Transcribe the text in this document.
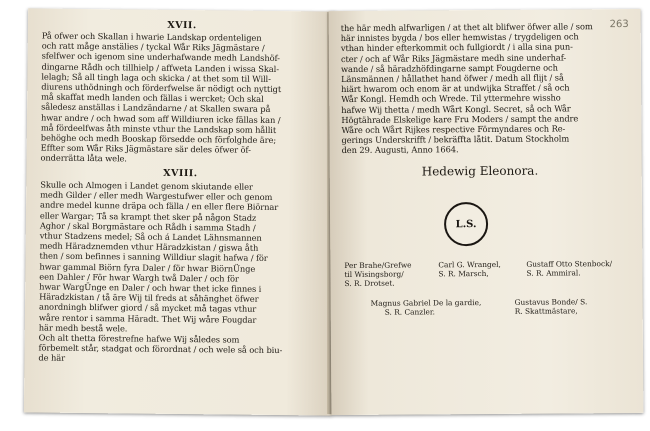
XVII.
På ofwer och Skallan i hwarie Landskap ordenteligen
och ratt måge anstälies / tyckal Wår Riks Jägmästare /
sfelfwer och igenom sine underhafwande medh Landshöf-
dingarne Rådh och tillhielp / affweta Landen i wissa Skal-
lelagh; Så all tingh laga och skicka / at thet som til Will-
diurens uthödningh och förderfwelse är nödigt och nyttigt
må skaffat medh landen och fällas i wercket; Och skal
såledesz anställas i Landzändarne / at Skallen swara på
hwar andre / och hwad som aff Willdiuren icke fällas kan /
må fördeelfwas åth minste vthur the Landskap som hållit
behöghe och medh Booskap försedde och förfolghde äre;
Effter som Wår Riks Jägmästare sär deles öfwer öf-
onderrätta låta wele.
XVIII.
Skulle och Almogen i Landet genom skiutande eller
medh Gilder / eller medh Wargestufwer eller och genom
andre medel kunne dräpa och fälla / en eller flere Biörnar
eller Wargar; Tå sa krampt thet sker på någon Stadz
Aghor / skal Borgmästare och Rådh i samma Stadh /
vthur Stadzens medel; Så och á Landet Lähnsmannen
medh Häradznemden vthur Häradzkistan / giswa åth
then / som befinnes i sanning Willdiur slagit hafwa / för
hwar gammal Biörn fyra Daler / för hwar BiörnÜnge
een Dahler / För hwar Wargh twå Daler / och för
hwar WargÜnge en Daler / och hwar thet icke finnes i
Häradzkistan / tå äre Wij til freds at såhänghet öfwer
anordningh blifwer giord / så mycket må tagas vthur
wåre rentor i samma Häradt. Thet Wij wåre Fougdar
här medh bestå wele.
Och alt thetta förestrefne hafwe Wij således som
förbemelt står, stadgat och förordnat / och wele så och biu-
de här
263
the här medh alfwarligen / at thet alt blifwer öfwer alle / som
här innistes bygda / bos eller hemwistas / trygdeligen och
vthan hinder efterkommit och fullgiordt / i alla sina pun-
cter / och af Wår Riks Jägmästare medh sine underhaf-
wande / så häradzhöfdingarne sampt Fougderne och
Länsmännen / hållathet hand öfwer / medh all flijt / så
hiärt hwarom och enom är at undwijka Straffet / så och
Wår Kongl. Hemdh och Wrede. Til yttermehre wissho
hafwe Wij thetta / medh Wårt Kongl. Secret, så och Wår
Högtährade Elskelige kare Fru Moders / sampt the andre
Wåre och Wårt Rijkes respective Förmyndares och Re-
gerings Underskrifft / bekräffta låtit. Datum Stockholm
den 29. Augusti, Anno 1664.
Hedewig Eleonora.
L.S.
Per Brahe/Grefwe
til Wisingsborg/
S. R. Drotset.
Carl G. Wrangel,
S. R. Marsch,
Gustaff Otto Stenbock/
S. R. Ammiral.
Magnus Gabriel De la gardie,
S. R. Canzler.
Gustavus Bonde/ S.
R. Skattmästare,
